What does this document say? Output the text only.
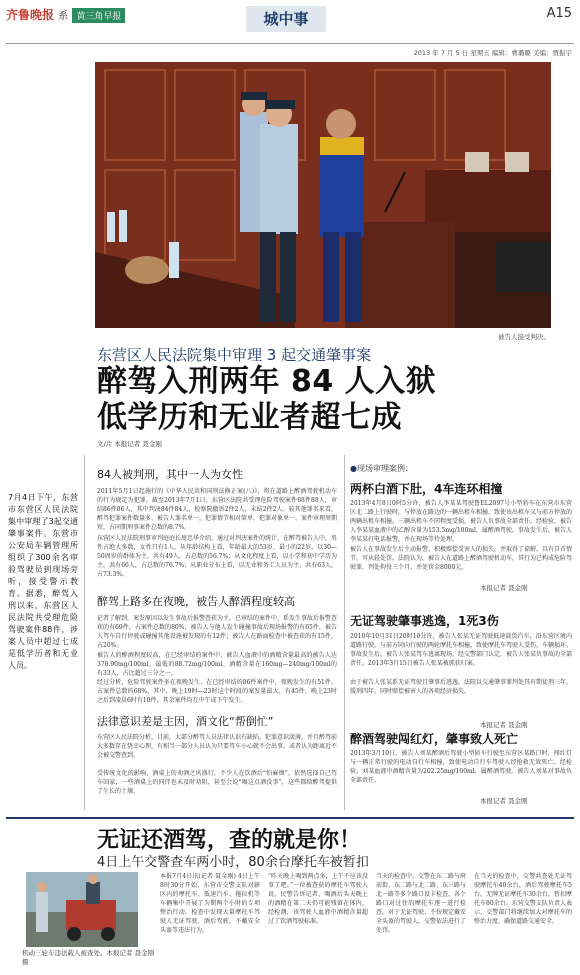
齐鲁晚报 系 黄三角早报	城中事	A15
2013 年 7 月 5 日 星期五 编辑：曹璐璐 美编：贾振宇
被告人接受判决。
东营区人民法院集中审理 3 起交通肇事案
醉驾入刑两年 84 人入狱
低学历和无业者超七成
文/片 本报记者 聂金刚
7月4日下午，东营市东营区人民法院集中审理了3起交通肇事案件。东营市公安局车辆管理所组织了300余名审验驾驶员到现场旁听，接受警示教育。据悉，醉驾入刑以来，东营区人民法院共受理危险驾驶案件88件，涉案人员中超过七成是低学历者和无业人员。
84人被判刑，其中一人为女性
2011年5月1日起施行的《中华人民共和国刑法修正案(八)》，将在道路上醉酒驾驶机动车的行为规定为犯罪。截至2013年7月1日，东营区法院共受理危险驾驶案件88件88人，审结86件86人，其中判决84件84人，检察院撤诉2件2人，未结2件2人。较其他罪名来看，醉驾犯罪案件数量多、被告人罪名单一，犯罪情节相对简单、犯罪对象单一、案件审理周期短，占同期刑事案件总数的8.7%。
东营区人民法院刑事审判庭庭长周忠华介绍，通过对判决案件的统计，在醉驾被告人中，男性占绝大多数，女性只有1人，从年龄结构上看，年龄最大的53岁，最小的22岁，以30—50周岁的群体为主，共有49人，占总数的56.7%；从文化程度上看，以小学和初中学历为主，共有66人，占总数的76.7%；从职业分布上看，以无业和务工人员为主，共有63人，占73.3%。
醉驾上路多在夜晚，被告人醉酒程度较高
记者了解到，案发原因以发生事故后报警查获为主，已审结的案件中，系发生事故后报警查获的有69件，占案件总数的80%，被告人与他人发生碰撞事故后现场报警的有65件，被告人驾车自行停驶或碰撞其他设施被发现的有12件；被告人在路面检查中被查获的有15件，占20%。
被告人的醉酒程度较高，在已经审结的案件中，被告人血液中的酒精含量最高的被告人达378.90mg/100ml，最低的88.72mg/100ml，酒精含量在160mg—240mg/100ml的有33人，占比超过三分之一。
经过分析，危险驾驶案件多在夜晚发生，在已经审结的86件案件中，夜晚发生的有51件，占案件总数的68%，其中，晚上19时—23时这个时段的案发量最大，有45件，晚上23时之后到凌晨6时有10件，其余案件均在中午或下午发生。
法律意识差是主因，酒文化“帮倒忙”
东营区人民法院分析，目前，大部分醉驾人员法律认识有缺陷，犯罪意识淡薄，并且醉驾前大多数存在侥幸心理，有相当一部分人员认为只要驾车小心就不会出事，或者认为距离近不会被交警查到。
受传统文化的影响，酒桌上的劝酒之风盛行，不少人在饮酒后“怕麻烦”，依然选择自己驾车回家，一些酒桌上的同伴也未及时劝阻，甚至会说“喝这点酒没事”，这些都给醉驾提供了生长的土壤。
●现场审理案例：
两杯白酒下肚，4车连环相撞
2013年4月8日0时5分许，被告人李某某驾驶鲁EL2097号小型轿车在东营市东营区北二路上行驶时，与停放在路边的一辆出租车相撞，致使该出租车又与前方停放的两辆出租车相撞。三辆出租车不同程度受损，被告人负事故全部责任。经检验，被告人李某某血液中的乙醇含量为153.5mg/100ml，属醉酒驾驶。事故发生后，被告人李某某打电话报警，并在现场等待处理。
被告人在事故发生后主动报警，积极赔偿受害人的损失，并取得了谅解，具有自首情节，可从轻处罚。法院认为，被告人在道路上醉酒驾驶机动车，其行为已构成危险驾驶罪，判处拘役三个月，并处罚金8000元。
本报记者 聂金刚
无证驾驶肇事逃逸，1死3伤
2010年10月31日20时10分许，被告人张某无证驾驶低速载货汽车，沿东营区境内道路行驶，与前方同向行驶的两轮摩托车相撞，致使摩托车驾驶人受伤，车辆损坏。事故发生后，被告人张某驾车逃离现场。经交警部门认定，被告人张某负事故的全部责任。2013年3月15日被告人张某被抓获归案。
由于被告人张某系无证驾驶且肇事后逃逸，法院以交通肇事罪判处其有期徒刑三年，缓刑四年，同时赔偿被害人的各项经济损失。
本报记者 聂金刚
醉酒驾驶闯红灯，肇事致人死亡
2013年3月10日，被告人刘某醉酒后驾驶小型轿车行驶至东营区某路口时，闯红灯与一辆正常行驶的电动自行车相撞，致使电动自行车驾驶人经抢救无效死亡。经检验，刘某血液中酒精含量为202.25mg/100ml，属醉酒驾驶。被告人刘某对事故负全部责任。
本报记者 聂金刚
无证还酒驾，查的就是你！
4日上午交警查车两小时，80余台摩托车被暂扣
机动三轮车违法载人被查处。本报记者 聂金刚 摄
本报7月4日讯(记者 聂金刚) 4日上午8时30分开始，东营市交警支队对辖区内的摩托车、低速汽车、拖拉机等车辆集中开展了为期两个小时的专项整治行动。检查中发现大量摩托车驾驶人无证驾驶、酒后驾驶、不戴安全头盔等违法行为。
“昨天晚上喝到两点多，上午不应该没事了吧。”一位被查获的摩托车驾驶人说。民警告诉记者，喝酒后头天晚上的酒精在第二天仍可能残留在体内，经检测，该驾驶人血液中酒精含量超过了饮酒驾驶标准。
当天的检查中，交警在东二路与府前街、东二路与北二路、东三路与北一路等多个路口设卡检查，各个路口对过往的摩托车逐一进行检查。对于无证驾驶、不按规定戴安全头盔的驾驶人，交警依法进行了处罚。
在当天的检查中，交警共查处无证驾驶摩托车40余台，酒后驾驶摩托车5台，无牌无证摩托车30余台，暂扣摩托车80余台。东营交警支队负责人表示，交警部门将继续加大对摩托车的整治力度，确保道路交通安全。
